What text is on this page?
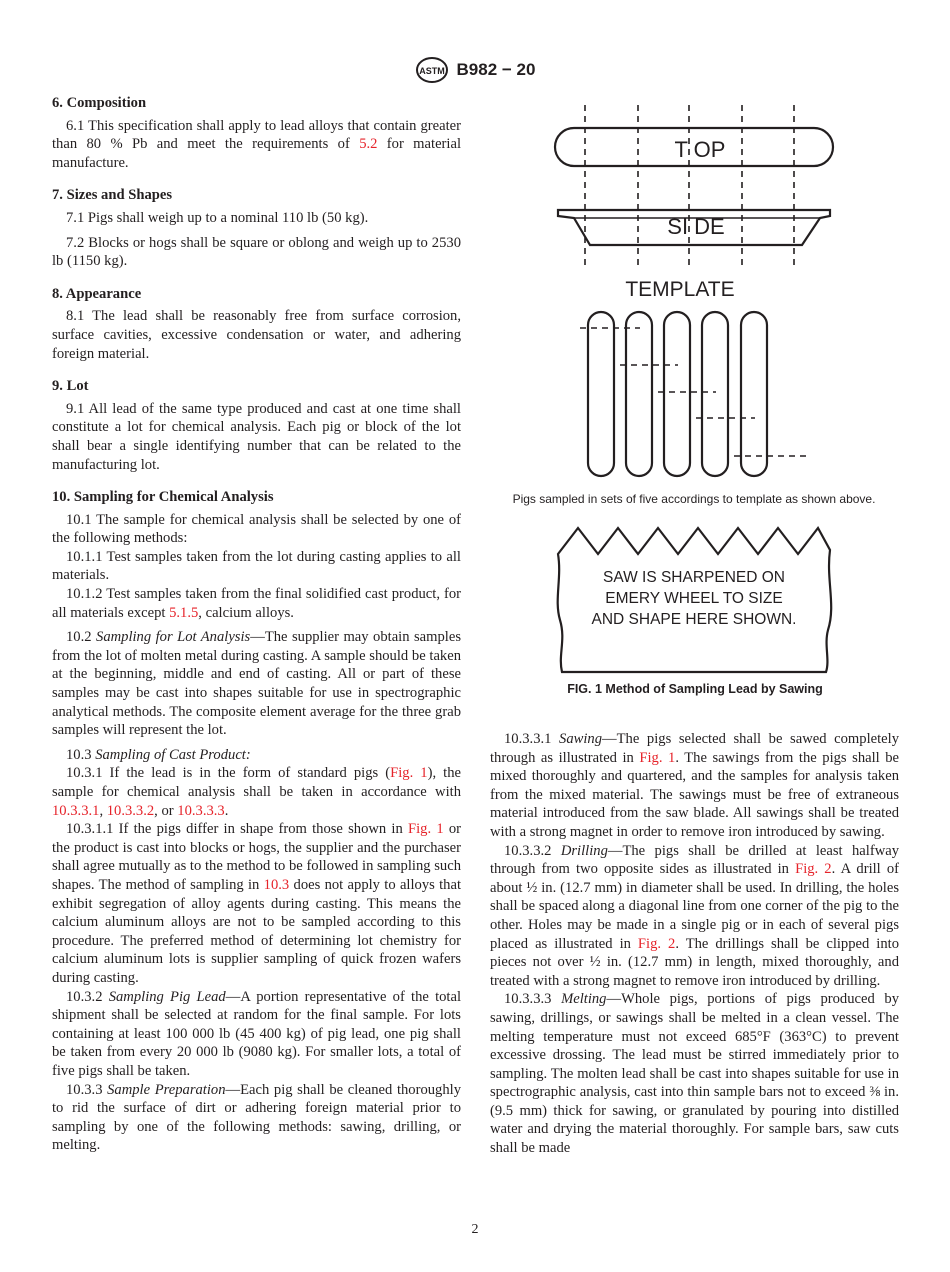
ASTM B982 − 20
6. Composition

6.1 This specification shall apply to lead alloys that contain greater than 80 % Pb and meet the requirements of 5.2 for material manufacture.

7. Sizes and Shapes

7.1 Pigs shall weigh up to a nominal 110 lb (50 kg).

7.2 Blocks or hogs shall be square or oblong and weigh up to 2530 lb (1150 kg).

8. Appearance

8.1 The lead shall be reasonably free from surface corrosion, surface cavities, excessive condensation or water, and adhering foreign material.

9. Lot

9.1 All lead of the same type produced and cast at one time shall constitute a lot for chemical analysis. Each pig or block of the lot shall bear a single identifying number that can be related to the manufacturing lot.

10. Sampling for Chemical Analysis

10.1 The sample for chemical analysis shall be selected by one of the following methods:

10.1.1 Test samples taken from the lot during casting applies to all materials.

10.1.2 Test samples taken from the final solidified cast product, for all materials except 5.1.5, calcium alloys.

10.2 Sampling for Lot Analysis—The supplier may obtain samples from the lot of molten metal during casting. A sample should be taken at the beginning, middle and end of casting. All or part of these samples may be cast into shapes suitable for use in spectrographic analytical methods. The composite element average for the three grab samples will represent the lot.

10.3 Sampling of Cast Product:

10.3.1 If the lead is in the form of standard pigs (Fig. 1), the sample for chemical analysis shall be taken in accordance with 10.3.3.1, 10.3.3.2, or 10.3.3.3.

10.3.1.1 If the pigs differ in shape from those shown in Fig. 1 or the product is cast into blocks or hogs, the supplier and the purchaser shall agree mutually as to the method to be followed in sampling such shapes. The method of sampling in 10.3 does not apply to alloys that exhibit segregation of alloy agents during casting. This means the calcium aluminum alloys are not to be sampled according to this procedure. The preferred method of determining lot chemistry for calcium aluminum lots is supplier sampling of quick frozen wafers during casting.

10.3.2 Sampling Pig Lead—A portion representative of the total shipment shall be selected at random for the final sample. For lots containing at least 100 000 lb (45 400 kg) of pig lead, one pig shall be taken from every 20 000 lb (9080 kg). For smaller lots, a total of five pigs shall be taken.

10.3.3 Sample Preparation—Each pig shall be cleaned thoroughly to rid the surface of dirt or adhering foreign material prior to sampling by one of the following methods: sawing, drilling, or melting.

T OP
SI DE
TEMPLATE
Pigs sampled in sets of five accordings to template as shown above.
SAW IS SHARPENED ON
EMERY WHEEL TO SIZE
AND SHAPE HERE SHOWN.
FIG. 1 Method of Sampling Lead by Sawing

10.3.3.1 Sawing—The pigs selected shall be sawed completely through as illustrated in Fig. 1. The sawings from the pigs shall be mixed thoroughly and quartered, and the samples for analysis taken from the mixed material. The sawings must be free of extraneous material introduced from the saw blade. All sawings shall be treated with a strong magnet in order to remove iron introduced by sawing.

10.3.3.2 Drilling—The pigs shall be drilled at least halfway through from two opposite sides as illustrated in Fig. 2. A drill of about ½ in. (12.7 mm) in diameter shall be used. In drilling, the holes shall be spaced along a diagonal line from one corner of the pig to the other. Holes may be made in a single pig or in each of several pigs placed as illustrated in Fig. 2. The drillings shall be clipped into pieces not over ½ in. (12.7 mm) in length, mixed thoroughly, and treated with a strong magnet to remove iron introduced by drilling.

10.3.3.3 Melting—Whole pigs, portions of pigs produced by sawing, drillings, or sawings shall be melted in a clean vessel. The melting temperature must not exceed 685°F (363°C) to prevent excessive drossing. The lead must be stirred immediately prior to sampling. The molten lead shall be cast into shapes suitable for use in spectrographic analysis, cast into thin sample bars not to exceed ⅜ in. (9.5 mm) thick for sawing, or granulated by pouring into distilled water and drying the material thoroughly. For sample bars, saw cuts shall be made

2
